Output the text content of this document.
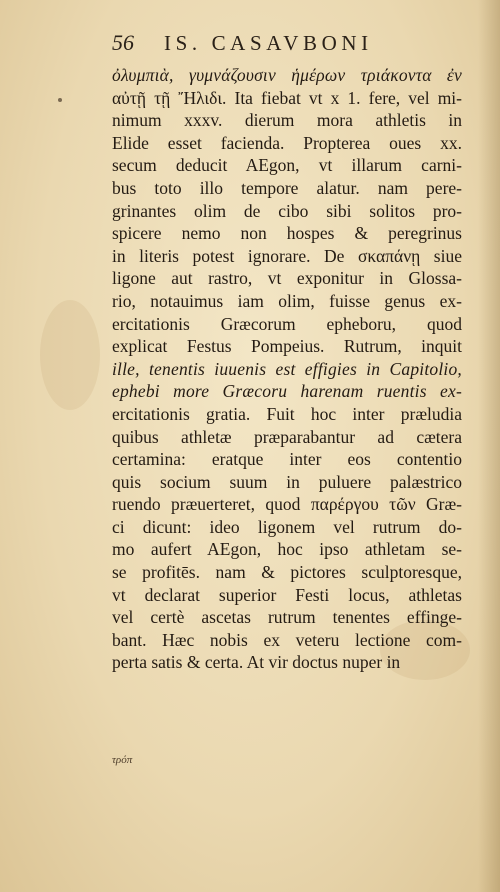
56 IS. CASAVBONI
ὀλυμπιὰ, γυμνάζουσιν ἡμέρων τριάκοντα ἐν
αὐτῇ τῇ Ἤλιδι. Ita fiebat vt x 1. fere, vel mi-
nimum xxxv. dierum mora athletis in
Elide esset facienda. Propterea oues xx.
secum deducit AEgon, vt illarum carni-
bus toto illo tempore alatur. nam pere-
grinantes olim de cibo sibi solitos pro-
spicere nemo non hospes & peregrinus
in literis potest ignorare. De σκαπάνῃ siue
ligone aut rastro, vt exponitur in Glossa-
rio, notauimus iam olim, fuisse genus ex-
ercitationis Græcorum epheboru, quod
explicat Festus Pompeius. Rutrum, inquit
ille, tenentis iuuenis est effigies in Capitolio,
ephebi more Græcoru harenam ruentis ex-
ercitationis gratia. Fuit hoc inter præludia
quibus athletæ præparabantur ad cætera
certamina: eratque inter eos contentio
quis socium suum in puluere palæstrico
ruendo præuerteret, quod παρέργου τῶν Græ-
ci dicunt: ideo ligonem vel rutrum do-
mo aufert AEgon, hoc ipso athletam se-
se profitēs. nam & pictores sculptoresque,
vt declarat superior Festi locus, athletas
vel certè ascetas rutrum tenentes effinge-
bant. Hæc nobis ex veteru lectione com-
perta satis & certa. At vir doctus nuper in
τρόπ
